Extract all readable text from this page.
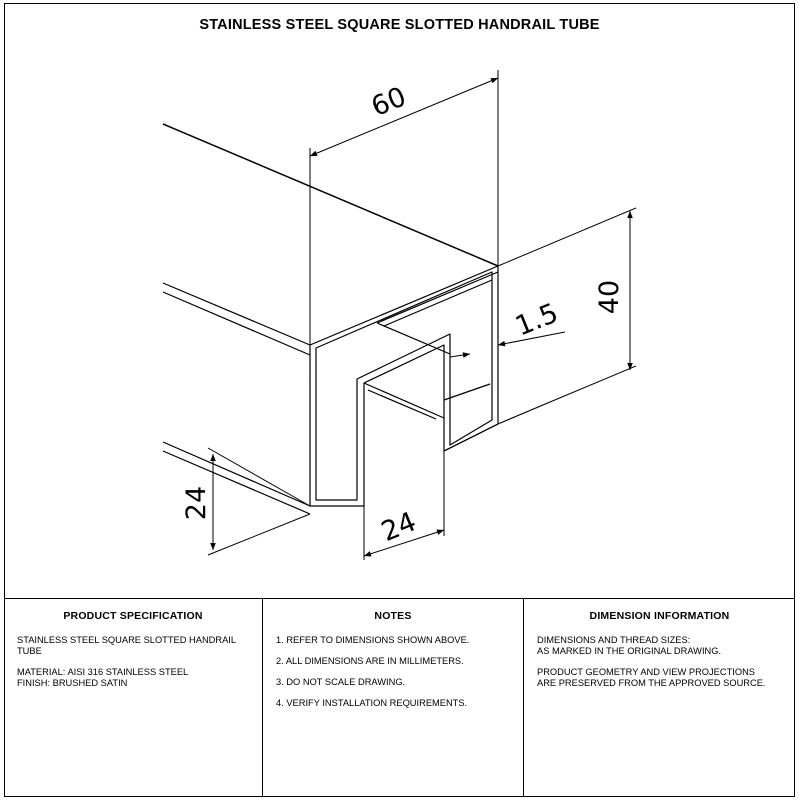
STAINLESS STEEL SQUARE SLOTTED HANDRAIL TUBE
60
40
1.5
24
24
PRODUCT SPECIFICATION

STAINLESS STEEL SQUARE SLOTTED HANDRAIL
TUBE

MATERIAL: AISI 316 STAINLESS STEEL
FINISH: BRUSHED SATIN

NOTES
1. REFER TO DIMENSIONS SHOWN ABOVE.
2. ALL DIMENSIONS ARE IN MILLIMETERS.
3. DO NOT SCALE DRAWING.
4. VERIFY INSTALLATION REQUIREMENTS.
DIMENSION INFORMATION

DIMENSIONS AND THREAD SIZES:
AS MARKED IN THE ORIGINAL DRAWING.

PRODUCT GEOMETRY AND VIEW PROJECTIONS
ARE PRESERVED FROM THE APPROVED SOURCE.
